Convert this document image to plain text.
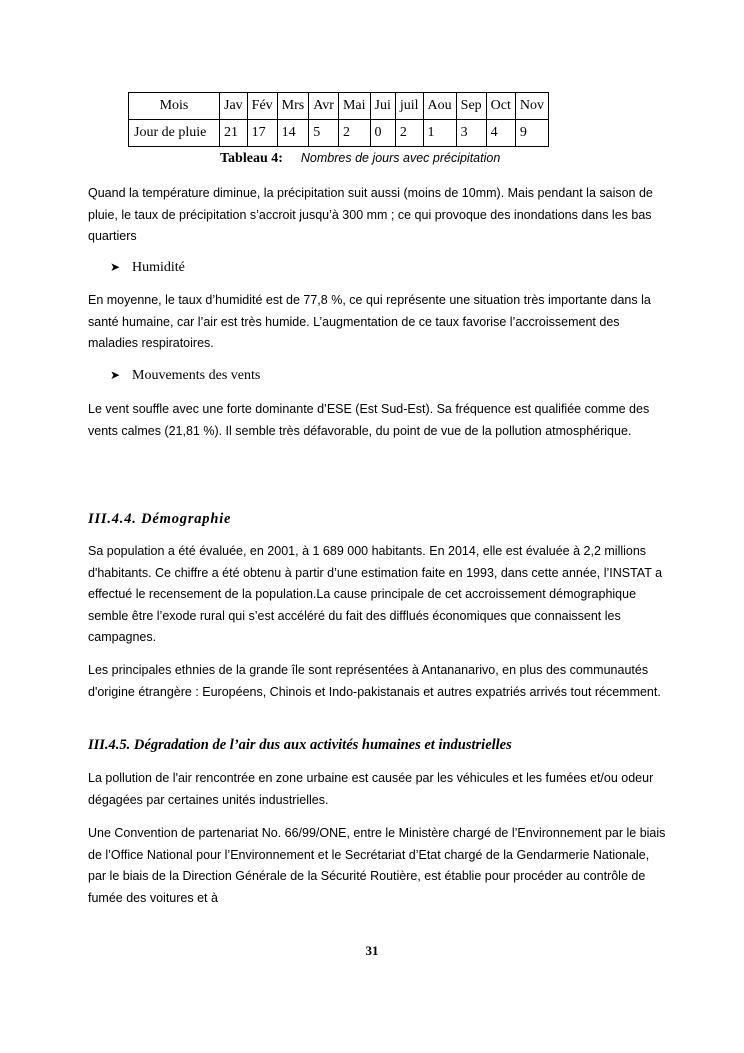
Mois	Jav	Fév	Mrs	Avr	Mai	Jui	juil	Aou	Sep	Oct	Nov
Jour de pluie	21	17	14	5	2	0	2	1	3	4	9
Tableau 4: Nombres de jours avec précipitation

Quand la température diminue, la précipitation suit aussi (moins de 10mm). Mais pendant la saison de pluie, le taux de précipitation s’accroit jusqu’à 300 mm ; ce qui provoque des inondations dans les bas quartiers

➤ Humidité

En moyenne, le taux d’humidité est de 77,8 %, ce qui représente une situation très importante dans la santé humaine, car l’air est très humide. L’augmentation de ce taux favorise l’accroissement des maladies respiratoires.

➤ Mouvements des vents

Le vent souffle avec une forte dominante d’ESE (Est Sud-Est). Sa fréquence est qualifiée comme des vents calmes (21,81 %). Il semble très défavorable, du point de vue de la pollution atmosphérique.

III.4.4. Démographie

Sa population a été évaluée, en 2001, à 1 689 000 habitants. En 2014, elle est évaluée à 2,2 millions d'habitants. Ce chiffre a été obtenu à partir d’une estimation faite en 1993, dans cette année, l’INSTAT a effectué le recensement de la population.La cause principale de cet accroissement démographique semble être l’exode rural qui s’est accéléré du fait des difflués économiques que connaissent les campagnes.

Les principales ethnies de la grande île sont représentées à Antananarivo, en plus des communautés d'origine étrangère : Européens, Chinois et Indo-pakistanais et autres expatriés arrivés tout récemment.

III.4.5. Dégradation de l’air dus aux activités humaines et industrielles

La pollution de l'air rencontrée en zone urbaine est causée par les véhicules et les fumées et/ou odeur dégagées par certaines unités industrielles.

Une Convention de partenariat No. 66/99/ONE, entre le Ministère chargé de l’Environnement par le biais de l’Office National pour l’Environnement et le Secrétariat d’Etat chargé de la Gendarmerie Nationale, par le biais de la Direction Générale de la Sécurité Routière, est établie pour procéder au contrôle de fumée des voitures et à

31
